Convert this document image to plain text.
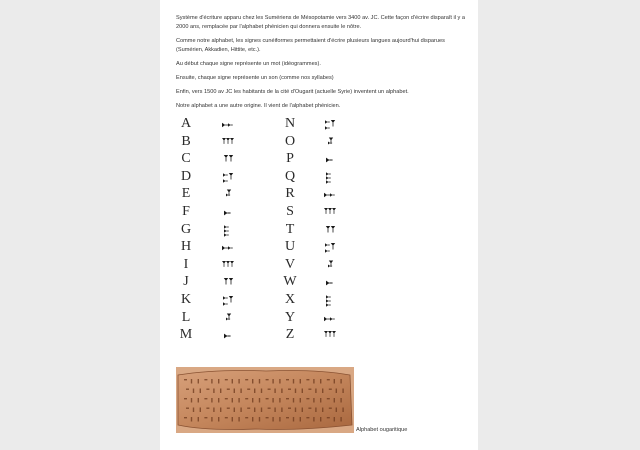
Système d'écriture apparu chez les Sumériens de Mésopotamie vers 3400 av. JC. Cette façon d'écrire disparaît il y a 2000 ans, remplacée par l'alphabet phénicien qui donnera ensuite le nôtre.

Comme notre alphabet, les signes cunéiformes permettaient d'écrire plusieurs langues aujourd'hui disparues (Sumérien, Akkadien, Hittite, etc.).

Au début chaque signe représente un mot (idéogrammes).

Ensuite, chaque signe représente un son (comme nos syllabes)

Enfin, vers 1500 av JC les habitants de la cité d'Ougarit (actuelle Syrie) inventent un alphabet.

Notre alphabet a une autre origine. Il vient de l'alphabet phénicien.

A
B
C
D
E
F
G
H
I
J
K
L
M
N
O
P
Q
R
S
T
U
V
W
X
Y
Z
Alphabet ougaritique
